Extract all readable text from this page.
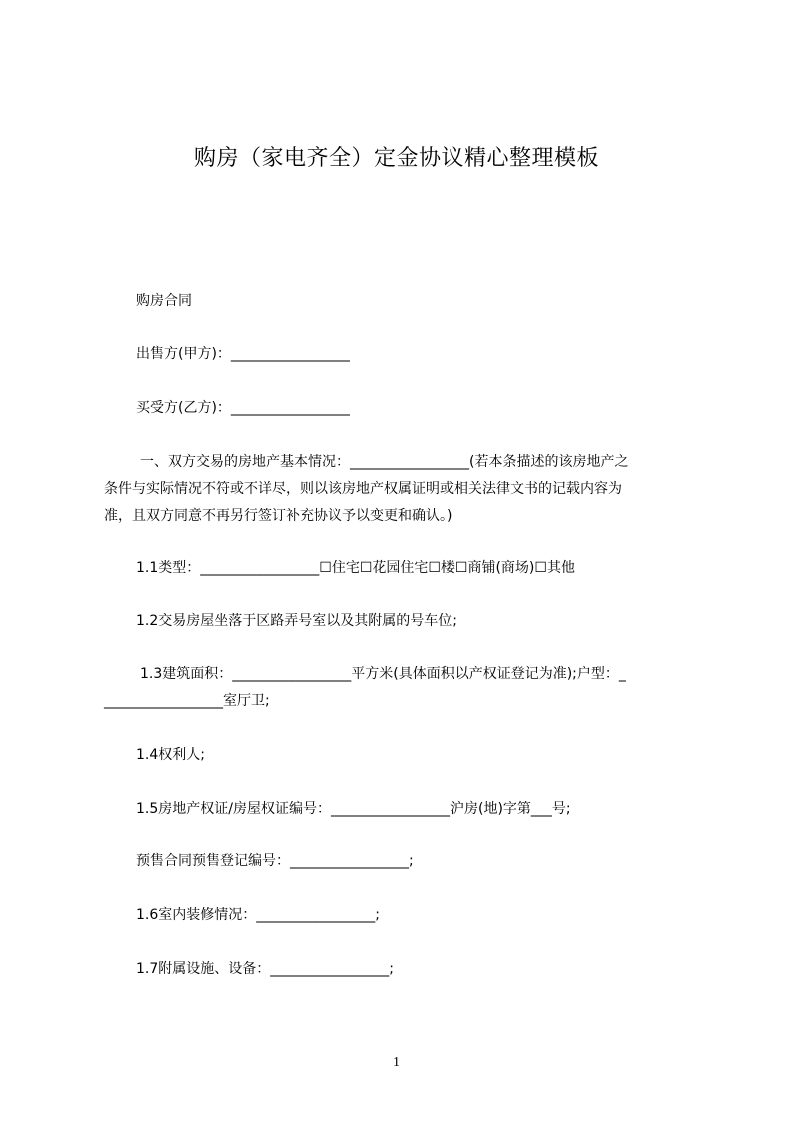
购房（家电齐全）定金协议精心整理模板
购房合同
出售方(甲方)：_________________
买受方(乙方)：_________________
一、双方交易的房地产基本情况：_________________(若本条描述的该房地产之
条件与实际情况不符或不详尽，则以该房地产权属证明或相关法律文书的记载内容为
准，且双方同意不再另行签订补充协议予以变更和确认。)
1.1类型：_________________☐住宅☐花园住宅☐楼☐商铺(商场)☐其他
1.2交易房屋坐落于区路弄号室以及其附属的号车位;
1.3建筑面积：_________________平方米(具体面积以产权证登记为准);户型：_
_________________室厅卫;
1.4权利人;
1.5房地产权证/房屋权证编号：_________________沪房(地)字第___号;
预售合同预售登记编号：_________________;
1.6室内装修情况：_________________;
1.7附属设施、设备：_________________;
1
